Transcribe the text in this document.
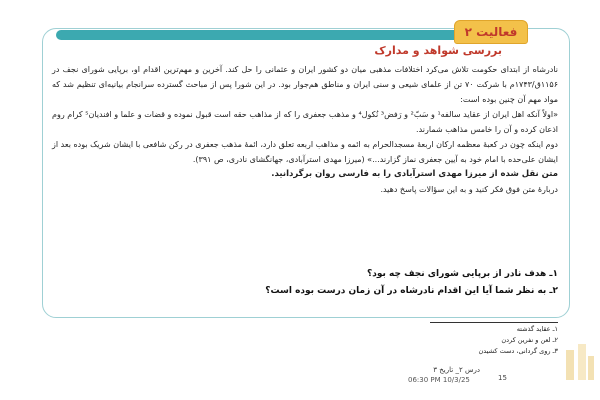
فعالیت ۲
بررسی شواهد و مدارک

نادرشاه از ابتدای حکومت تلاش می‌کرد اختلافات مذهبی میان دو کشور ایران و عثمانی را حل کند. آخرین و مهم‌ترین اقدام او، برپایی شورای نجف در ۱۱۵۶ق/۱۷۴۳م با شرکت ۷۰ تن از علمای شیعی و سنی ایران و مناطق هم‌جوار بود. در این شورا پس از مباحث گسترده سرانجام بیانیه‌ای تنظیم شد که مواد مهم آن چنین بوده است:

«اولاً آنکه اهل ایران از عقاید سالفه¹ و سَبّ² و رَفض³ نُکول⁴ و مذهب جعفری را که از مذاهب حقه است قبول نموده و قضات و علما و افندیان⁵ کرام روم اذعان کرده و آن را خامس مذاهب شمارند.

دوم اینکه چون در کعبهٔ معظمه ارکان اربعهٔ مسجدالحرام به ائمه و مذاهب اربعه تعلق دارد، ائمهٔ مذهب جعفری در رکن شافعی با ایشان شریک بوده بعد از ایشان علی‌حده با امام خود به آیین جعفری نماز گزارند...» (میرزا مهدی استرآبادی، جهانگشای نادری، ص ۳۹۱).

متن نقل شده از میرزا مهدی استرآبادی را به فارسی روان برگردانید.

دربارهٔ متن فوق فکر کنید و به این سؤالات پاسخ دهید.

۱ـ هدف نادر از برپایی شورای نجف چه بود؟

۲ـ به نظر شما آیا این اقدام نادرشاه در آن زمان درست بوده است؟

۱ـ عقاید گذشته

۲ـ لعن و نفرین کردن

۳ـ روی گردانی، دست کشیدن

درس ۲_ تاریخ ۳
15
06:30 PM 10/3/25
